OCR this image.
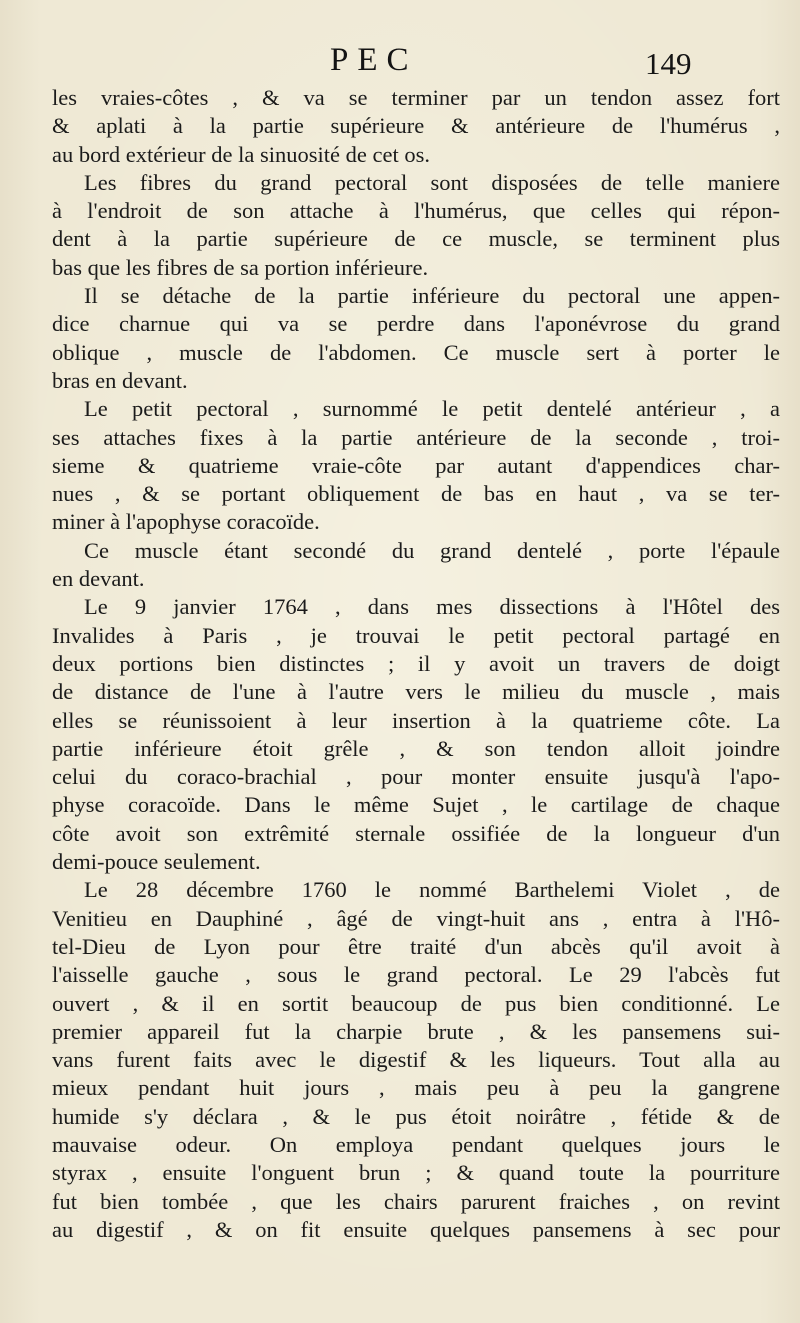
PEC	149
les vraies-côtes , & va se terminer par un tendon assez fort
& aplati à la partie supérieure & antérieure de l'humérus ,
au bord extérieur de la sinuosité de cet os.
Les fibres du grand pectoral sont disposées de telle maniere
à l'endroit de son attache à l'humérus, que celles qui répon-
dent à la partie supérieure de ce muscle, se terminent plus
bas que les fibres de sa portion inférieure.
Il se détache de la partie inférieure du pectoral une appen-
dice charnue qui va se perdre dans l'aponévrose du grand
oblique , muscle de l'abdomen. Ce muscle sert à porter le
bras en devant.
Le petit pectoral , surnommé le petit dentelé antérieur , a
ses attaches fixes à la partie antérieure de la seconde , troi-
sieme & quatrieme vraie-côte par autant d'appendices char-
nues , & se portant obliquement de bas en haut , va se ter-
miner à l'apophyse coracoïde.
Ce muscle étant secondé du grand dentelé , porte l'épaule
en devant.
Le 9 janvier 1764 , dans mes dissections à l'Hôtel des
Invalides à Paris , je trouvai le petit pectoral partagé en
deux portions bien distinctes ; il y avoit un travers de doigt
de distance de l'une à l'autre vers le milieu du muscle , mais
elles se réunissoient à leur insertion à la quatrieme côte. La
partie inférieure étoit grêle , & son tendon alloit joindre
celui du coraco-brachial , pour monter ensuite jusqu'à l'apo-
physe coracoïde. Dans le même Sujet , le cartilage de chaque
côte avoit son extrêmité sternale ossifiée de la longueur d'un
demi-pouce seulement.
Le 28 décembre 1760 le nommé Barthelemi Violet , de
Venitieu en Dauphiné , âgé de vingt-huit ans , entra à l'Hô-
tel-Dieu de Lyon pour être traité d'un abcès qu'il avoit à
l'aisselle gauche , sous le grand pectoral. Le 29 l'abcès fut
ouvert , & il en sortit beaucoup de pus bien conditionné. Le
premier appareil fut la charpie brute , & les pansemens sui-
vans furent faits avec le digestif & les liqueurs. Tout alla au
mieux pendant huit jours , mais peu à peu la gangrene
humide s'y déclara , & le pus étoit noirâtre , fétide & de
mauvaise odeur. On employa pendant quelques jours le
styrax , ensuite l'onguent brun ; & quand toute la pourriture
fut bien tombée , que les chairs parurent fraiches , on revint
au digestif , & on fit ensuite quelques pansemens à sec pour
